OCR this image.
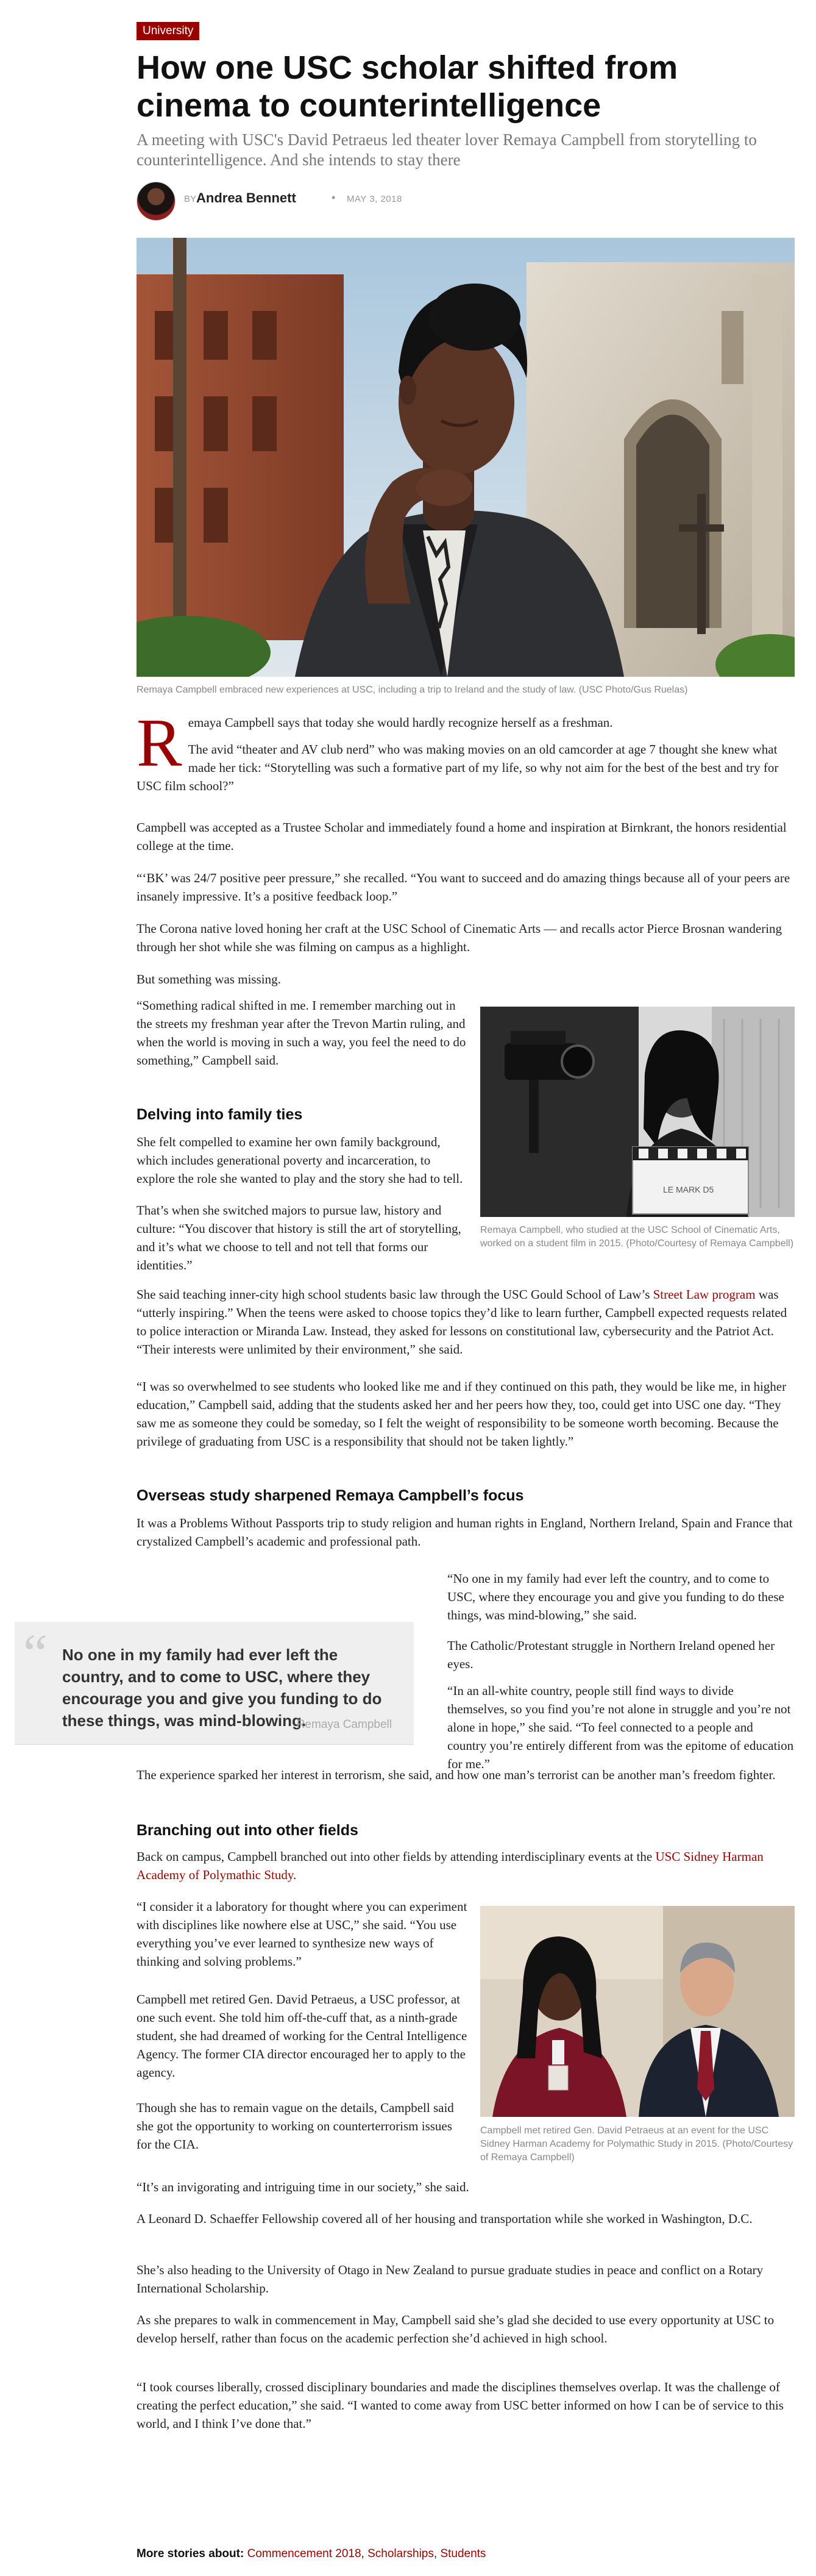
University
How one USC scholar shifted from cinema to counterintelligence

A meeting with USC's David Petraeus led theater lover Remaya Campbell from storytelling to counterintelligence. And she intends to stay there

BY Andrea Bennett	• MAY 3, 2018
Remaya Campbell embraced new experiences at USC, including a trip to Ireland and the study of law. (USC Photo/Gus Ruelas)
R emaya Campbell says that today she would hardly recognize herself as a freshman.

The avid “theater and AV club nerd” who was making movies on an old camcorder at age 7 thought she knew what made her tick: “Storytelling was such a formative part of my life, so why not aim for the best of the best and try for USC film school?”

Campbell was accepted as a Trustee Scholar and immediately found a home and inspiration at Birnkrant, the honors residential college at the time.

“‘BK’ was 24/7 positive peer pressure,” she recalled. “You want to succeed and do amazing things because all of your peers are insanely impressive. It’s a positive feedback loop.”

The Corona native loved honing her craft at the USC School of Cinematic Arts — and recalls actor Pierce Brosnan wandering through her shot while she was filming on campus as a highlight.

But something was missing.

“Something radical shifted in me. I remember marching out in the streets my freshman year after the Trevon Martin ruling, and when the world is moving in such a way, you feel the need to do something,” Campbell said.

LE MARK D5
Remaya Campbell, who studied at the USC School of Cinematic Arts, worked on a student film in 2015. (Photo/Courtesy of Remaya Campbell)
Delving into family ties

She felt compelled to examine her own family background, which includes generational poverty and incarceration, to explore the role she wanted to play and the story she had to tell.

That’s when she switched majors to pursue law, history and culture: “You discover that history is still the art of storytelling, and it’s what we choose to tell and not tell that forms our identities.”

She said teaching inner-city high school students basic law through the USC Gould School of Law’s Street Law program was “utterly inspiring.” When the teens were asked to choose topics they’d like to learn further, Campbell expected requests related to police interaction or Miranda Law. Instead, they asked for lessons on constitutional law, cybersecurity and the Patriot Act. “Their interests were unlimited by their environment,” she said.

“I was so overwhelmed to see students who looked like me and if they continued on this path, they would be like me, in higher education,” Campbell said, adding that the students asked her and her peers how they, too, could get into USC one day. “They saw me as someone they could be someday, so I felt the weight of responsibility to be someone worth becoming. Because the privilege of graduating from USC is a responsibility that should not be taken lightly.”

Overseas study sharpened Remaya Campbell’s focus

It was a Problems Without Passports trip to study religion and human rights in England, Northern Ireland, Spain and France that crystalized Campbell’s academic and professional path.

“ No one in my family had ever left the country, and to come to USC, where they encourage you and give you funding to do these things, was mind-blowing.

Remaya Campbell

“No one in my family had ever left the country, and to come to USC, where they encourage you and give you funding to do these things, was mind-blowing,” she said.

The Catholic/Protestant struggle in Northern Ireland opened her eyes.

“In an all-white country, people still find ways to divide themselves, so you find you’re not alone in struggle and you’re not alone in hope,” she said. “To feel connected to a people and country you’re entirely different from was the epitome of education for me.”

The experience sparked her interest in terrorism, she said, and how one man’s terrorist can be another man’s freedom fighter.

Branching out into other fields

Back on campus, Campbell branched out into other fields by attending interdisciplinary events at the USC Sidney Harman Academy of Polymathic Study.

“I consider it a laboratory for thought where you can experiment with disciplines like nowhere else at USC,” she said. “You use everything you’ve ever learned to synthesize new ways of thinking and solving problems.”

Campbell met retired Gen. David Petraeus, a USC professor, at one such event. She told him off-the-cuff that, as a ninth-grade student, she had dreamed of working for the Central Intelligence Agency. The former CIA director encouraged her to apply to the agency.

Though she has to remain vague on the details, Campbell said she got the opportunity to working on counterterrorism issues for the CIA.

Campbell met retired Gen. David Petraeus at an event for the USC Sidney Harman Academy for Polymathic Study in 2015. (Photo/Courtesy of Remaya Campbell)

“It’s an invigorating and intriguing time in our society,” she said.

A Leonard D. Schaeffer Fellowship covered all of her housing and transportation while she worked in Washington, D.C.

She’s also heading to the University of Otago in New Zealand to pursue graduate studies in peace and conflict on a Rotary International Scholarship.

As she prepares to walk in commencement in May, Campbell said she’s glad she decided to use every opportunity at USC to develop herself, rather than focus on the academic perfection she’d achieved in high school.

“I took courses liberally, crossed disciplinary boundaries and made the disciplines themselves overlap. It was the challenge of creating the perfect education,” she said. “I wanted to come away from USC better informed on how I can be of service to this world, and I think I’ve done that.”

More stories about: Commencement 2018, Scholarships, Students
